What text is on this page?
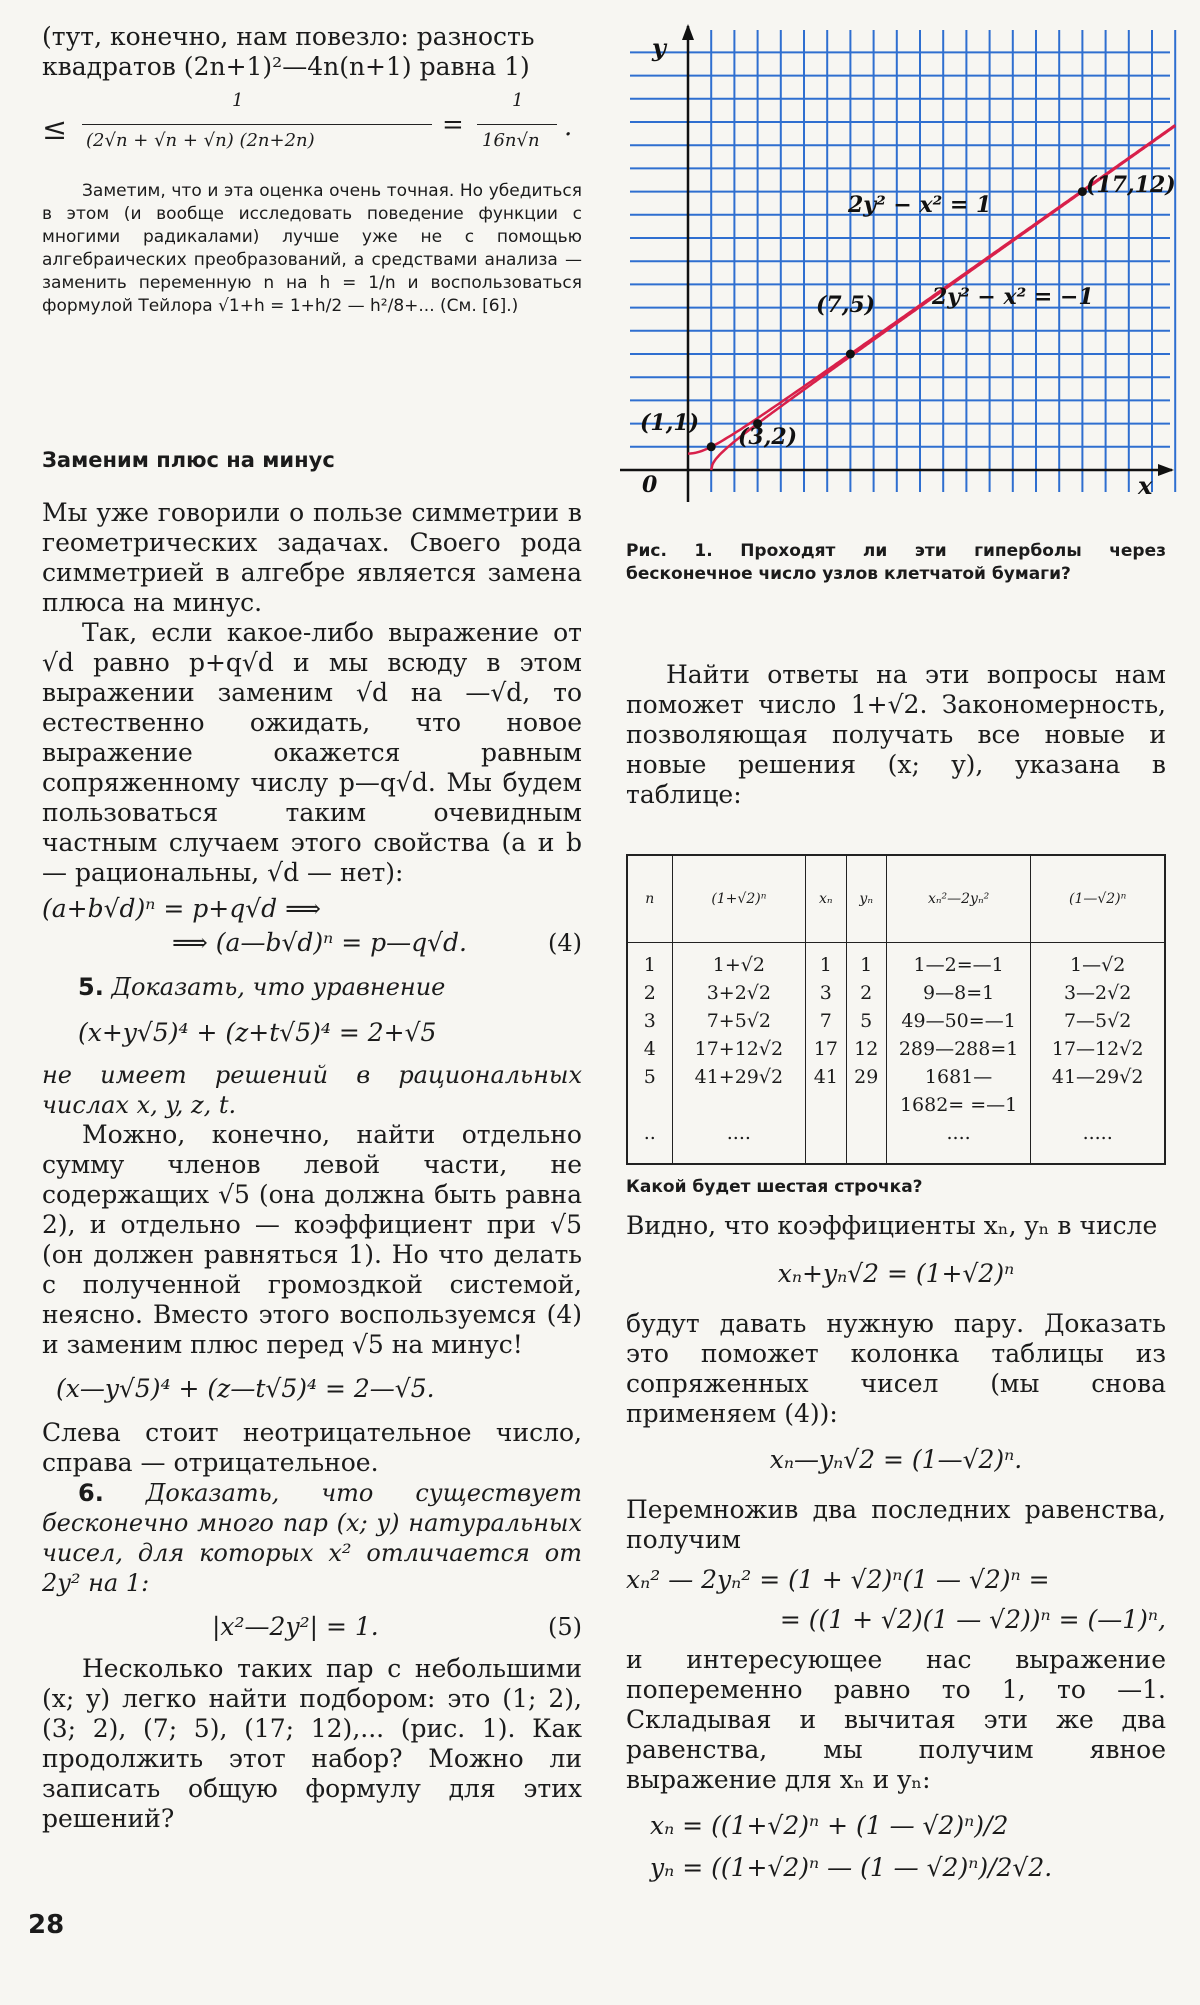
(тут, конечно, нам повезло: разность

квадратов (2n+1)²—4n(n+1) равна 1)

≤
1
(2√n + √n + √n) (2n+2n)
=
1
16n√n .

Заметим, что и эта оценка очень точная. Но убедиться в этом (и вообще исследовать поведение функции с многими радикалами) лучше уже не с помощью алгебраических преобразований, а средствами анализа — заменить переменную n на h = 1/n и воспользоваться формулой Тейлора √1+h = 1+h/2 — h²/8+... (См. [6].)

Заменим плюс на минус

Мы уже говорили о пользе симметрии в геометрических задачах. Своего рода симметрией в алгебре является замена плюса на минус.

Так, если какое-либо выражение от √d равно p+q√d и мы всюду в этом выражении заменим √d на —√d, то естественно ожидать, что новое выражение окажется равным сопряженному числу p—q√d. Мы будем пользоваться таким очевидным частным случаем этого свойства (a и b — рациональны, √d — нет):

(a+b√d)ⁿ = p+q√d ⟹

⟹ (a—b√d)ⁿ = p—q√d.	(4)

5. Доказать, что уравнение

(x+y√5)⁴ + (z+t√5)⁴ = 2+√5

не имеет решений в рациональных числах x, y, z, t.

Можно, конечно, найти отдельно сумму членов левой части, не содержащих √5 (она должна быть равна 2), и отдельно — коэффициент при √5 (он должен равняться 1). Но что делать с полученной громоздкой системой, неясно. Вместо этого воспользуемся (4) и заменим плюс перед √5 на минус!

(x—y√5)⁴ + (z—t√5)⁴ = 2—√5.

Слева стоит неотрицательное число, справа — отрицательное.

6. Доказать, что существует бесконечно много пар (x; y) натуральных чисел, для которых x² отличается от 2y² на 1:

|x²—2y²| = 1.	(5)

Несколько таких пар с небольшими (x; y) легко найти подбором: это (1; 2), (3; 2), (7; 5), (17; 12),... (рис. 1). Как продолжить этот набор? Можно ли записать общую формулу для этих решений?

(1,1)
(3,2)
(7,5)
(17,12)
2y² − x² = 1
2y² − x² = −1
y
x
0

Рис. 1. Проходят ли эти гиперболы через бесконечное число узлов клетчатой бумаги?

Найти ответы на эти вопросы нам поможет число 1+√2. Закономерность, позволяющая получать все новые и новые решения (x; y), указана в таблице:

n	(1+√2)ⁿ	xₙ	yₙ	xₙ²—2yₙ²	(1—√2)ⁿ
1	1+√2	1	1	1—2=—1	1—√2
2	3+2√2	3	2	9—8=1	3—2√2
3	7+5√2	7	5	49—50=—1	7—5√2
4	17+12√2	17	12	289—288=1	17—12√2
5	41+29√2	41	29	1681—1682= =—1	41—29√2
..	....			....	.....

Какой будет шестая строчка?

Видно, что коэффициенты xₙ, yₙ в числе

xₙ+yₙ√2 = (1+√2)ⁿ

будут давать нужную пару. Доказать это поможет колонка таблицы из сопряженных чисел (мы снова применяем (4)):

xₙ—yₙ√2 = (1—√2)ⁿ.

Перемножив два последних равенства, получим

xₙ² — 2yₙ² = (1 + √2)ⁿ(1 — √2)ⁿ =

= ((1 + √2)(1 — √2))ⁿ = (—1)ⁿ,

и интересующее нас выражение попеременно равно то 1, то —1. Складывая и вычитая эти же два равенства, мы получим явное выражение для xₙ и yₙ:

xₙ = ((1+√2)ⁿ + (1 — √2)ⁿ)/2

yₙ = ((1+√2)ⁿ — (1 — √2)ⁿ)/2√2.

28
